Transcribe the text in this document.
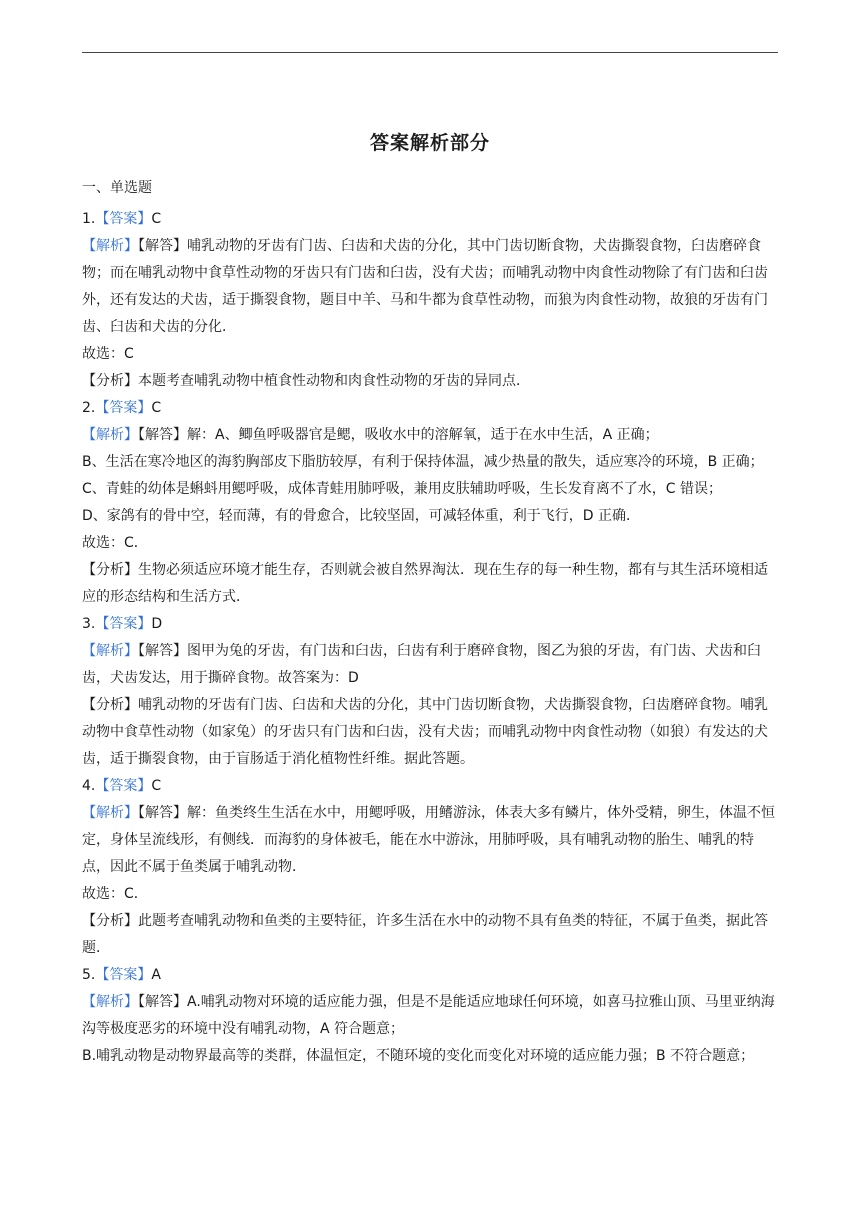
答案解析部分

一、单选题

1.【答案】C

【解析】【解答】哺乳动物的牙齿有门齿、臼齿和犬齿的分化，其中门齿切断食物，犬齿撕裂食物，臼齿磨碎食物；而在哺乳动物中食草性动物的牙齿只有门齿和臼齿，没有犬齿；而哺乳动物中肉食性动物除了有门齿和臼齿外，还有发达的犬齿，适于撕裂食物，题目中羊、马和牛都为食草性动物，而狼为肉食性动物，故狼的牙齿有门齿、臼齿和犬齿的分化．

故选：C

【分析】本题考查哺乳动物中植食性动物和肉食性动物的牙齿的异同点．

2.【答案】C

【解析】【解答】解：A、鲫鱼呼吸器官是鳃，吸收水中的溶解氧，适于在水中生活，A 正确；

B、生活在寒冷地区的海豹胸部皮下脂肪较厚，有利于保持体温，减少热量的散失，适应寒冷的环境，B 正确；

C、青蛙的幼体是蝌蚪用鳃呼吸，成体青蛙用肺呼吸，兼用皮肤辅助呼吸，生长发育离不了水，C 错误；

D、家鸽有的骨中空，轻而薄，有的骨愈合，比较坚固，可减轻体重，利于飞行，D 正确．

故选：C．

【分析】生物必须适应环境才能生存，否则就会被自然界淘汰．现在生存的每一种生物，都有与其生活环境相适应的形态结构和生活方式．

3.【答案】D

【解析】【解答】图甲为兔的牙齿，有门齿和臼齿，臼齿有利于磨碎食物，图乙为狼的牙齿，有门齿、犬齿和臼齿，犬齿发达，用于撕碎食物。故答案为：D

【分析】哺乳动物的牙齿有门齿、臼齿和犬齿的分化，其中门齿切断食物，犬齿撕裂食物，臼齿磨碎食物。哺乳动物中食草性动物（如家兔）的牙齿只有门齿和臼齿，没有犬齿；而哺乳动物中肉食性动物（如狼）有发达的犬齿，适于撕裂食物，由于盲肠适于消化植物性纤维。据此答题。

4.【答案】C

【解析】【解答】解：鱼类终生生活在水中，用鳃呼吸，用鳍游泳，体表大多有鳞片，体外受精，卵生，体温不恒定，身体呈流线形，有侧线．而海豹的身体被毛，能在水中游泳，用肺呼吸，具有哺乳动物的胎生、哺乳的特点，因此不属于鱼类属于哺乳动物．

故选：C．

【分析】此题考查哺乳动物和鱼类的主要特征，许多生活在水中的动物不具有鱼类的特征，不属于鱼类，据此答题．

5.【答案】A

【解析】【解答】A.哺乳动物对环境的适应能力强，但是不是能适应地球任何环境，如喜马拉雅山顶、马里亚纳海沟等极度恶劣的环境中没有哺乳动物，A 符合题意；

B.哺乳动物是动物界最高等的类群，体温恒定，不随环境的变化而变化对环境的适应能力强；B 不符合题意；
